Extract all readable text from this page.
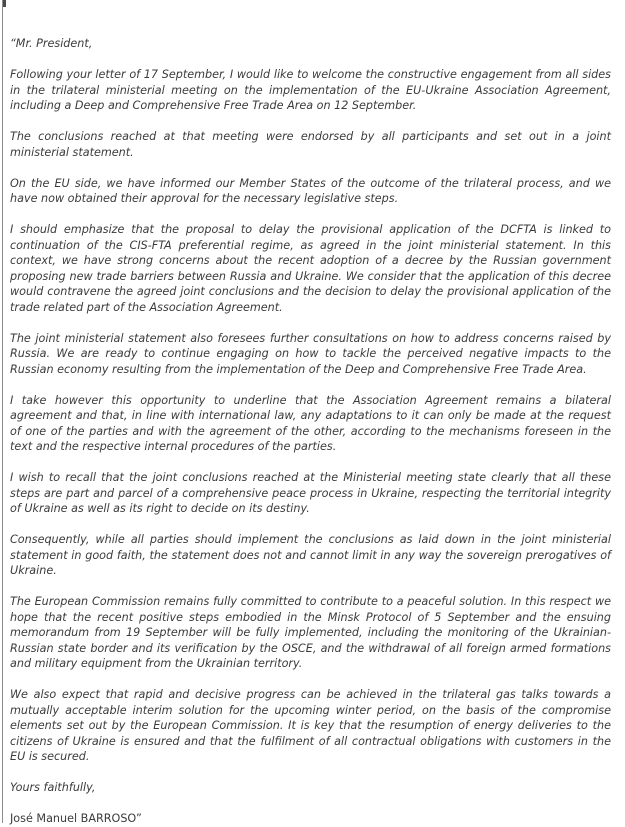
“Mr. President,

Following your letter of 17 September, I would like to welcome the constructive engagement from all sides in the trilateral ministerial meeting on the implementation of the EU-Ukraine Association Agreement, including a Deep and Comprehensive Free Trade Area on 12 September.

The conclusions reached at that meeting were endorsed by all participants and set out in a joint ministerial statement.

On the EU side, we have informed our Member States of the outcome of the trilateral process, and we have now obtained their approval for the necessary legislative steps.

I should emphasize that the proposal to delay the provisional application of the DCFTA is linked to continuation of the CIS-FTA preferential regime, as agreed in the joint ministerial statement. In this context, we have strong concerns about the recent adoption of a decree by the Russian government proposing new trade barriers between Russia and Ukraine. We consider that the application of this decree would contravene the agreed joint conclusions and the decision to delay the provisional application of the trade related part of the Association Agreement.

The joint ministerial statement also foresees further consultations on how to address concerns raised by Russia. We are ready to continue engaging on how to tackle the perceived negative impacts to the Russian economy resulting from the implementation of the Deep and Comprehensive Free Trade Area.

I take however this opportunity to underline that the Association Agreement remains a bilateral agreement and that, in line with international law, any adaptations to it can only be made at the request of one of the parties and with the agreement of the other, according to the mechanisms foreseen in the text and the respective internal procedures of the parties.

I wish to recall that the joint conclusions reached at the Ministerial meeting state clearly that all these steps are part and parcel of a comprehensive peace process in Ukraine, respecting the territorial integrity of Ukraine as well as its right to decide on its destiny.

Consequently, while all parties should implement the conclusions as laid down in the joint ministerial statement in good faith, the statement does not and cannot limit in any way the sovereign prerogatives of Ukraine.

The European Commission remains fully committed to contribute to a peaceful solution. In this respect we hope that the recent positive steps embodied in the Minsk Protocol of 5 September and the ensuing memorandum from 19 September will be fully implemented, including the monitoring of the Ukrainian-Russian state border and its verification by the OSCE, and the withdrawal of all foreign armed formations and military equipment from the Ukrainian territory.

We also expect that rapid and decisive progress can be achieved in the trilateral gas talks towards a mutually acceptable interim solution for the upcoming winter period, on the basis of the compromise elements set out by the European Commission. It is key that the resumption of energy deliveries to the citizens of Ukraine is ensured and that the fulfilment of all contractual obligations with customers in the EU is secured.

Yours faithfully,

José Manuel BARROSO”
